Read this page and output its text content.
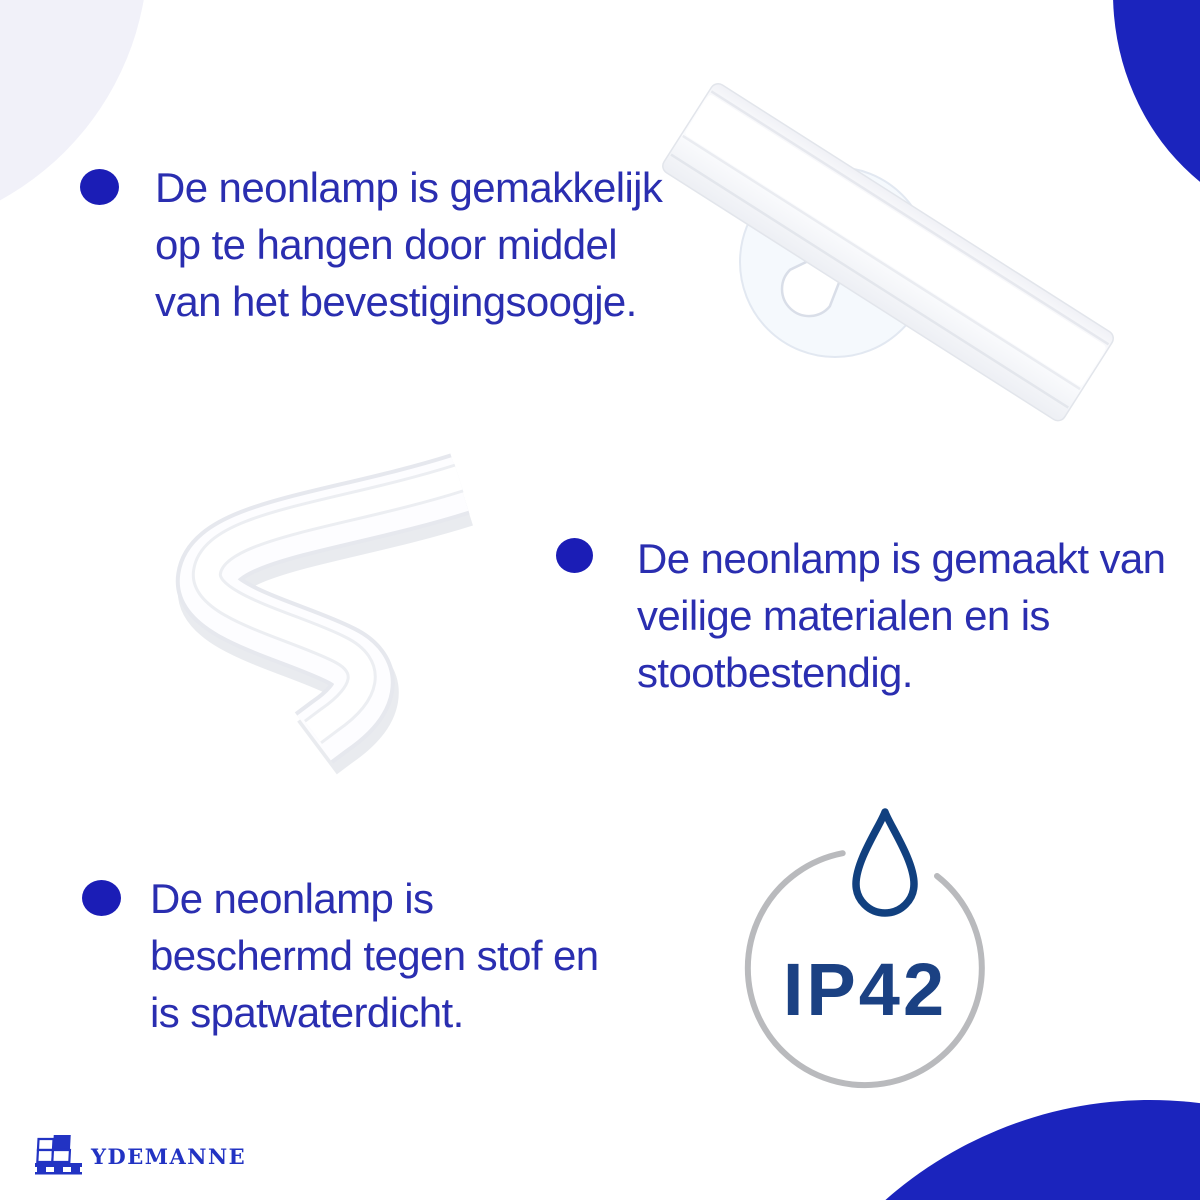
De neonlamp is gemakkelijk
op te hangen door middel
van het bevestigingsoogje.
De neonlamp is gemaakt van
veilige materialen en is
stootbestendig.
De neonlamp is
beschermd tegen stof en
is spatwaterdicht.	IP42
YDEMANNE
